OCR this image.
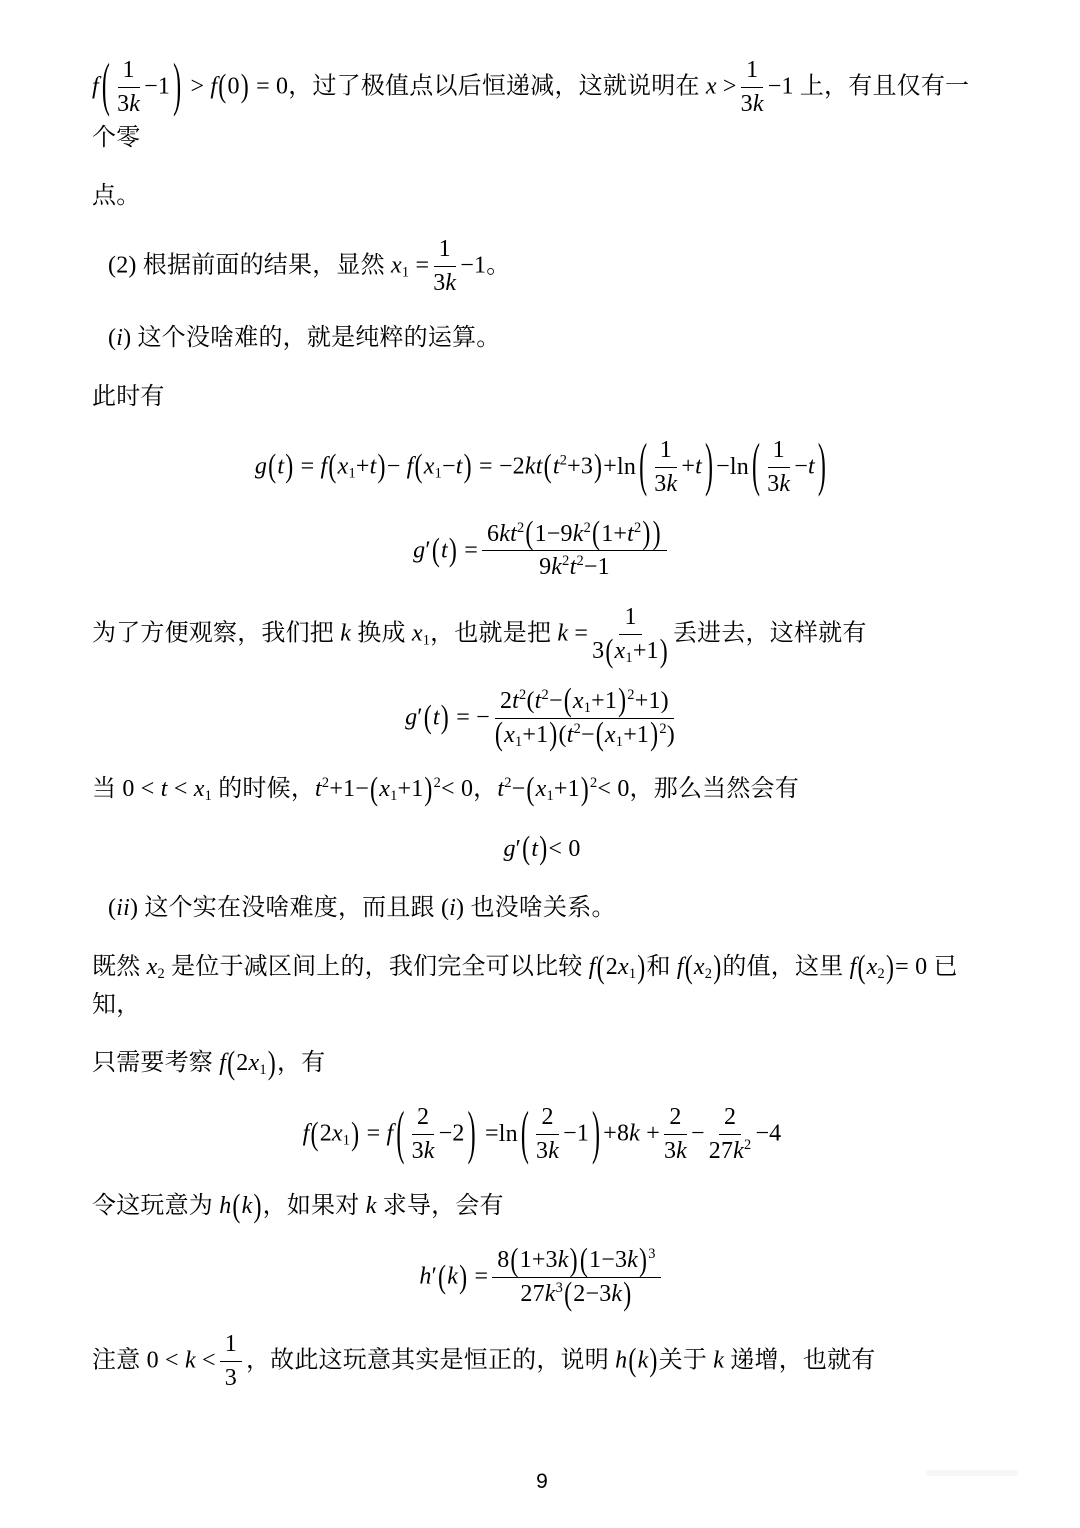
f ( $\frac{1}{3k} -1$ ) > f(0) = 0，过了极值点以后恒递减，这就说明在 $x > \frac{1}{3k} -1$ 上，有且仅有一个零
点。
(2) 根据前面的结果，显然 $x_1 = \frac{1}{3k} -1$。
(i) 这个没啥难的，就是纯粹的运算。
此时有
$g(t) = f(x_1+t)- f(x_1-t) = -2kt(t^2+3)+\ln$ ( $\frac{1}{3k} +t$ ) −ln ( $\frac{1}{3k} -t$ )
$g'(t) = \frac{6kt^2(1-9k^2(1+t^2))}{9k^2t^2-1}$
为了方便观察，我们把 k 换成 $x_1$，也就是把 $k = \frac{1}{3(x_1+1)}$ 丢进去，这样就有
g′(t) = − $\frac{2t^2(t^2-(x_1+1)^2+1)}{(x_1+1)(t^2-(x_1+1)^2)}$
当 $0 < t < x_1$ 的时候，$t^2+1-(x_1+1)^2< 0$，$t^2-(x_1+1)^2< 0$，那么当然会有
g′(t)< 0
(ii) 这个实在没啥难度，而且跟 (i) 也没啥关系。
既然 $x_2$ 是位于减区间上的，我们完全可以比较 $f(2x_1)$和 $f(x_2)$的值，这里 $f(x_2)= 0$ 已知，
只需要考察 $f(2x_1)$，有
$f(2x_1) = f$ ( $\frac{2}{3k} -2$ ) =ln ( $\frac{2}{3k} -1$ ) $+8k + \frac{2}{3k} - \frac{2}{27k^2} -4$
令这玩意为 h(k)，如果对 k 求导，会有
$h'(k) = \frac{8(1+3k)(1-3k)^3}{27k^3(2-3k)}$
注意 $0 < k < \frac{1}{3}$ ，故此这玩意其实是恒正的，说明 h(k)关于 k 递增，也就有
9
